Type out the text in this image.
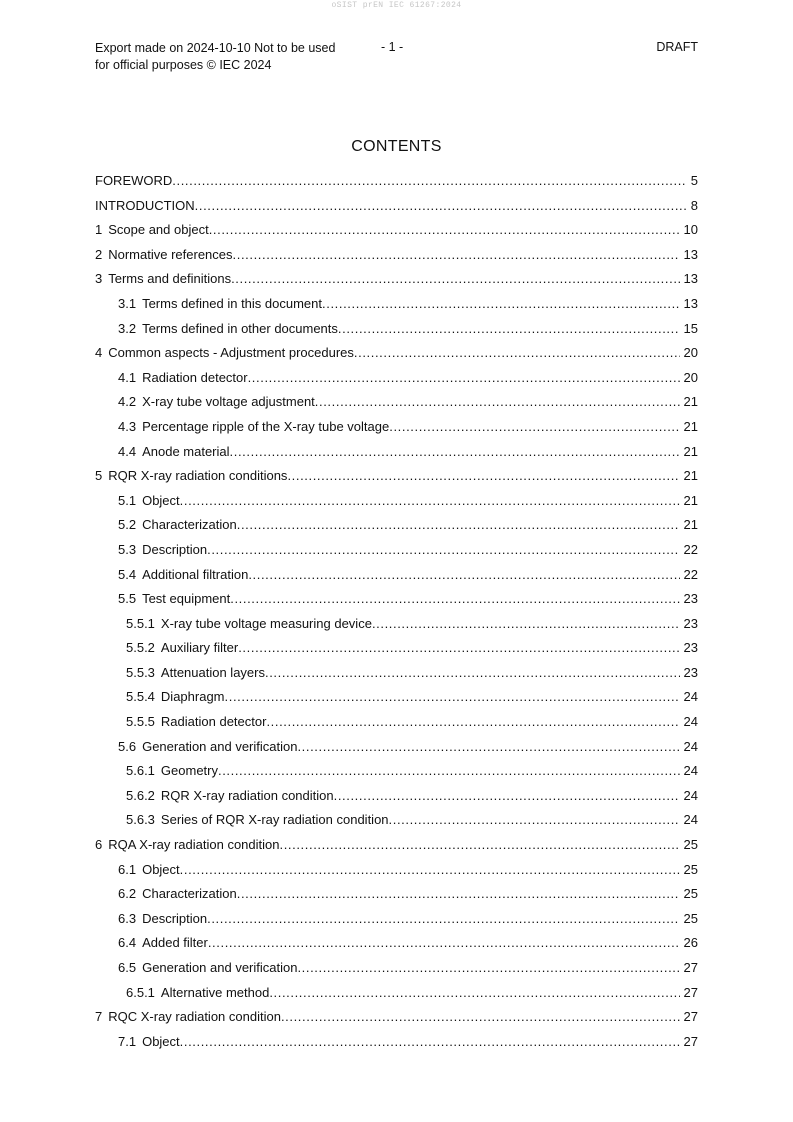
oSIST prEN IEC 61267:2024
Export made on 2024-10-10 Not to be used for official purposes © IEC 2024
- 1 -	DRAFT
CONTENTS
FOREWORD .....	5
INTRODUCTION .....	8
1 Scope and object .....	10
2 Normative references .....	13
3 Terms and definitions .....	13
3.1 Terms defined in this document .....	13
3.2 Terms defined in other documents .....	15
4 Common aspects - Adjustment procedures .....	20
4.1 Radiation detector .....	20
4.2 X-ray tube voltage adjustment .....	21
4.3 Percentage ripple of the X-ray tube voltage .....	21
4.4 Anode material .....	21
5 RQR X-ray radiation conditions .....	21
5.1 Object .....	21
5.2 Characterization .....	21
5.3 Description .....	22
5.4 Additional filtration .....	22
5.5 Test equipment .....	23
5.5.1 X-ray tube voltage measuring device .....	23
5.5.2 Auxiliary filter .....	23
5.5.3 Attenuation layers .....	23
5.5.4 Diaphragm .....	24
5.5.5 Radiation detector .....	24
5.6 Generation and verification .....	24
5.6.1 Geometry .....	24
5.6.2 RQR X-ray radiation condition .....	24
5.6.3 Series of RQR X-ray radiation condition .....	24
6 RQA X-ray radiation condition .....	25
6.1 Object .....	25
6.2 Characterization .....	25
6.3 Description .....	25
6.4 Added filter .....	26
6.5 Generation and verification .....	27
6.5.1 Alternative method .....	27
7 RQC X-ray radiation condition .....	27
7.1 Object .....	27
